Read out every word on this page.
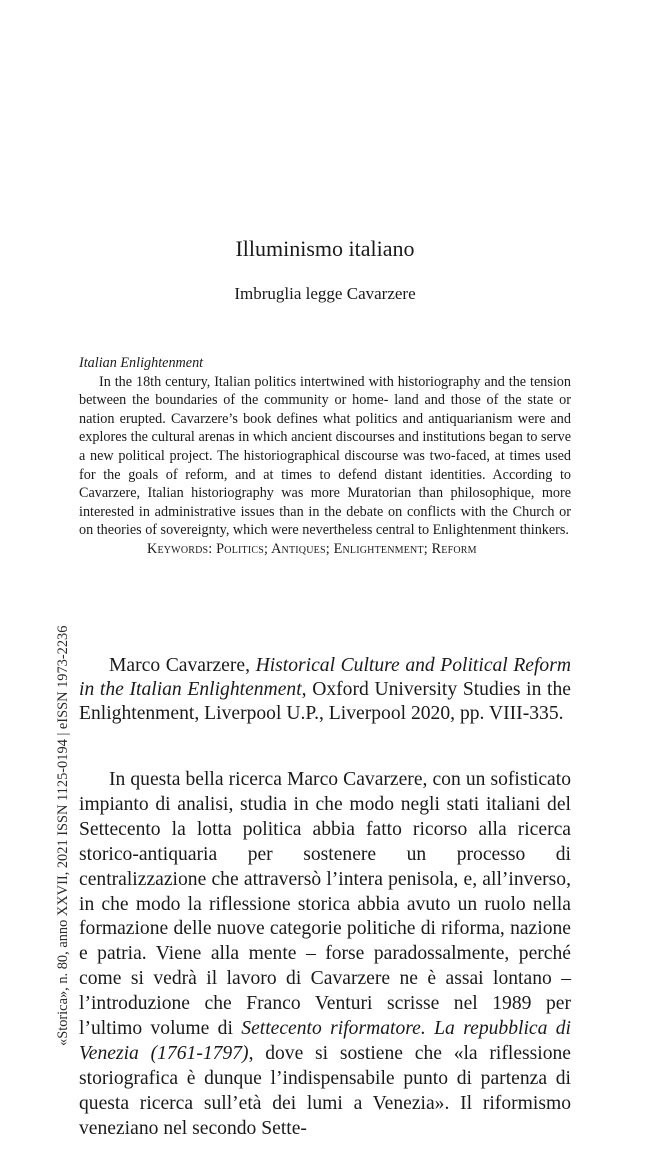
Illuminismo italiano
Imbruglia legge Cavarzere
Italian Enlightenment

In the 18th century, Italian politics intertwined with historiography and the tension between the boundaries of the community or home- land and those of the state or nation erupted. Cavarzere’s book defines what politics and antiquarianism were and explores the cultural arenas in which ancient discourses and institutions began to serve a new political project. The historiographical discourse was two-faced, at times used for the goals of reform, and at times to defend distant identities. According to Cavarzere, Italian historiography was more Muratorian than philosophique, more interested in administrative issues than in the debate on conflicts with the Church or on theories of sovereignty, which were nevertheless central to Enlightenment thinkers.

Keywords: Politics; Antiques; Enlightenment; Reform

Marco Cavarzere, Historical Culture and Political Reform in the Italian Enlightenment, Oxford University Studies in the Enlightenment, Liverpool U.P., Liverpool 2020, pp. VIII-335.

In questa bella ricerca Marco Cavarzere, con un sofisticato impianto di analisi, studia in che modo negli stati italiani del Settecento la lotta politica abbia fatto ricorso alla ricerca storico-antiquaria per sostenere un processo di centralizzazione che attraversò l’intera penisola, e, all’inverso, in che modo la riflessione storica abbia avuto un ruolo nella formazione delle nuove categorie politiche di riforma, nazione e patria. Viene alla mente – forse paradossalmente, perché come si vedrà il lavoro di Cavarzere ne è assai lontano – l’introduzione che Franco Venturi scrisse nel 1989 per l’ultimo volume di Settecento riformatore. La repubblica di Venezia (1761-1797), dove si sostiene che «la riflessione storiografica è dunque l’indispensabile punto di partenza di questa ricerca sull’età dei lumi a Venezia». Il riformismo veneziano nel secondo Sette-

«Storica», n. 80, anno XXVII, 2021 ISSN 1125-0194 | eISSN 1973-2236
